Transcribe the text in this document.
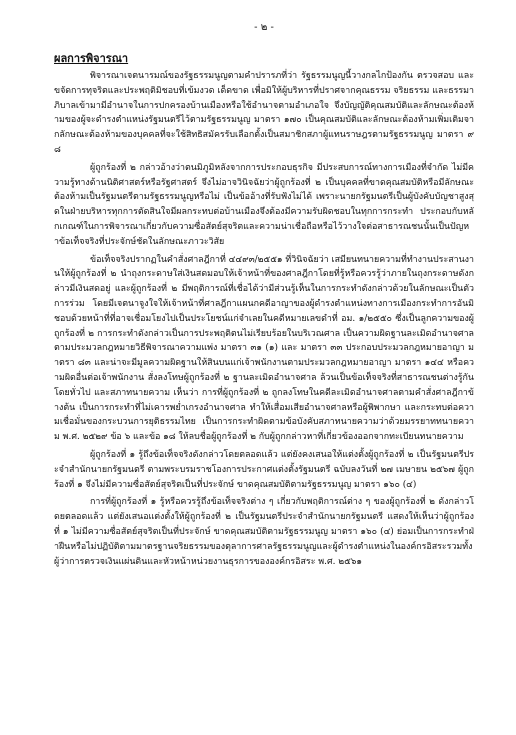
- ๒ -
ผลการพิจารณา

พิจารณาเจตนารมณ์ของรัฐธรรมนูญตามคำปรารภที่ว่า รัฐธรรมนูญนี้วางกลไกป้องกัน ตรวจสอบ และขจัดการทุจริตและประพฤติมิชอบที่เข้มงวด เด็ดขาด เพื่อมิให้ผู้บริหารที่ปราศจากคุณธรรม จริยธรรม และธรรมาภิบาลเข้ามามีอำนาจในการปกครองบ้านเมืองหรือใช้อำนาจตามอำเภอใจ จึงบัญญัติคุณสมบัติและลักษณะต้องห้ามของผู้จะดำรงตำแหน่งรัฐมนตรีไว้ตามรัฐธรรมนูญ มาตรา ๑๗๐ เป็นคุณสมบัติและลักษณะต้องห้ามเพิ่มเติมจากลักษณะต้องห้ามของบุคคลที่จะใช้สิทธิสมัครรับเลือกตั้งเป็นสมาชิกสภาผู้แทนราษฎรตามรัฐธรรมนูญ มาตรา ๙๘

ผู้ถูกร้องที่ ๒ กล่าวอ้างว่าตนมิภูมิหลังจากการประกอบธุรกิจ มีประสบการณ์ทางการเมืองที่จำกัด ไม่มีความรู้ทางด้านนิติศาสตร์หรือรัฐศาสตร์ จึงไม่อาจวินิจฉัยว่าผู้ถูกร้องที่ ๒ เป็นบุคคลที่ขาดคุณสมบัติหรือมีลักษณะต้องห้ามเป็นรัฐมนตรีตามรัฐธรรมนูญหรือไม่ เป็นข้ออ้างที่รับฟังไม่ได้ เพราะนายกรัฐมนตรีเป็นผู้บังคับบัญชาสูงสุดในฝ่ายบริหารทุกการตัดสินใจมีผลกระทบต่อบ้านเมืองจึงต้องมีความรับผิดชอบในทุกการกระทำ ประกอบกับหลักเกณฑ์ในการพิจารณาเกี่ยวกับความซื่อสัตย์สุจริตและความน่าเชื่อถือหรือไว้วางใจต่อสาธารณชนนั้นเป็นปัญหาข้อเท็จจริงที่ประจักษ์ชัดในลักษณะภาวะวิสัย

ข้อเท็จจริงปรากฏในคำสั่งศาลฎีกาที่ ๔๔๙๓/๒๕๕๑ ที่วินิจฉัยว่า เสมียนทนายความที่ทำงานประสานงานให้ผู้ถูกร้องที่ ๒ นำถุงกระดาษใส่เงินสดมอบให้เจ้าหน้าที่ของศาลฎีกาโดยที่รู้หรือควรรู้ว่าภายในถุงกระดาษดังกล่าวมีเงินสดอยู่ และผู้ถูกร้องที่ ๒ มีพฤติการณ์ที่เชื่อได้ว่ามีส่วนรู้เห็นในการกระทำดังกล่าวด้วยในลักษณะเป็นตัวการร่วม โดยมีเจตนาจูงใจให้เจ้าหน้าที่ศาลฎีกาแผนกคดีอาญาของผู้ดำรงตำแหน่งทางการเมืองกระทำการอันมิชอบด้วยหน้าที่ที่อาจเชื่อมโยงไปเป็นประโยชน์แก่จำเลยในคดีหมายเลขดำที่ อม. ๑/๒๕๕๐ ซึ่งเป็นลูกความของผู้ถูกร้องที่ ๒ การกระทำดังกล่าวเป็นการประพฤติตนไม่เรียบร้อยในบริเวณศาล เป็นความผิดฐานละเมิดอำนาจศาลตามประมวลกฎหมายวิธีพิจารณาความแพ่ง มาตรา ๓๑ (๑) และ มาตรา ๓๓ ประกอบประมวลกฎหมายอาญา มาตรา ๘๓ และน่าจะมีมูลความผิดฐานให้สินบนแก่เจ้าพนักงานตามประมวลกฎหมายอาญา มาตรา ๑๔๔ หรือความผิดอื่นต่อเจ้าพนักงาน สั่งลงโทษผู้ถูกร้องที่ ๒ ฐานละเมิดอำนาจศาล ล้วนเป็นข้อเท็จจริงที่สาธารณชนต่างรู้กันโดยทั่วไป และสภาทนายความ เห็นว่า การที่ผู้ถูกร้องที่ ๒ ถูกลงโทษในคดีละเมิดอำนาจศาลตามคำสั่งศาลฎีกาข้างต้น เป็นการกระทำที่ไม่เคารพย่ำเกรงอำนาจศาล ทำให้เสื่อมเสียอำนาจศาลหรือผู้พิพากษา และกระทบต่อความเชื่อมั่นของกระบวนการยุติธรรมไทย เป็นการกระทำผิดตามข้อบังคับสภาทนายความว่าด้วยมรรยาททนายความ พ.ศ. ๒๕๒๙ ข้อ ๖ และข้อ ๑๘ ให้ลบชื่อผู้ถูกร้องที่ ๒ กับผู้ถูกกล่าวหาที่เกี่ยวข้องออกจากทะเบียนทนายความ

ผู้ถูกร้องที่ ๑ รู้ถึงข้อเท็จจริงดังกล่าวโดยตลอดแล้ว แต่ยังคงเสนอให้แต่งตั้งผู้ถูกร้องที่ ๒ เป็นรัฐมนตรีประจำสำนักนายกรัฐมนตรี ตามพระบรมราชโองการประกาศแต่งตั้งรัฐมนตรี ฉบับลงวันที่ ๒๗ เมษายน ๒๕๖๗ ผู้ถูกร้องที่ ๑ จึงไม่มีความซื่อสัตย์สุจริตเป็นที่ประจักษ์ ขาดคุณสมบัติตามรัฐธรรมนูญ มาตรา ๑๖๐ (๔)

การที่ผู้ถูกร้องที่ ๑ รู้หรือควรรู้ถึงข้อเท็จจริงต่าง ๆ เกี่ยวกับพฤติการณ์ต่าง ๆ ของผู้ถูกร้องที่ ๒ ดังกล่าวโดยตลอดแล้ว แต่ยังเสนอแต่งตั้งให้ผู้ถูกร้องที่ ๒ เป็นรัฐมนตรีประจำสำนักนายกรัฐมนตรี แสดงให้เห็นว่าผู้ถูกร้องที่ ๑ ไม่มีความซื่อสัตย์สุจริตเป็นที่ประจักษ์ ขาดคุณสมบัติตามรัฐธรรมนูญ มาตรา ๑๖๐ (๔) ย่อมเป็นการกระทำฝ่าฝืนหรือไม่ปฏิบัติตามมาตรฐานจริยธรรมของตุลาการศาลรัฐธรรมนูญและผู้ดำรงตำแหน่งในองค์กรอิสระรวมทั้งผู้ว่าการตรวจเงินแผ่นดินและหัวหน้าหน่วยงานธุรการขององค์กรอิสระ พ.ศ. ๒๕๖๑
